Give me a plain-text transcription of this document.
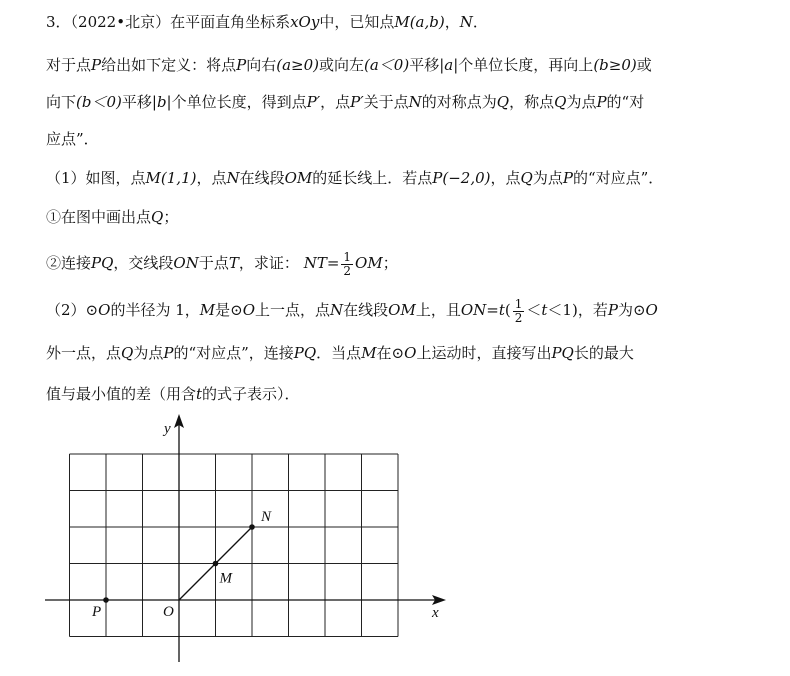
3．（2022•北京）在平面直角坐标系xOy中，已知点M(a,b)，N．
对于点P给出如下定义：将点P向右(a≥0)或向左(a＜0)平移|a|个单位长度，再向上(b≥0)或
向下(b＜0)平移|b|个单位长度，得到点P′，点P′关于点N的对称点为Q，称点Q为点P的“对
应点”．
（1）如图，点M(1,1)，点N在线段OM的延长线上．若点P(−2,0)，点Q为点P的“对应点”．
①在图中画出点Q；
②连接PQ，交线段ON于点T，求证： $NT= \frac{1}{2}$ OM；
（2）⊙O的半径为 1，M是⊙O上一点，点N在线段OM上，且$ON=t( \frac{1}{2} <t<1)$，若P为⊙O
外一点，点Q为点P的“对应点”，连接PQ．当点M在⊙O上运动时，直接写出PQ长的最大
值与最小值的差（用含t的式子表示）．
P
M
N
x
y
O
